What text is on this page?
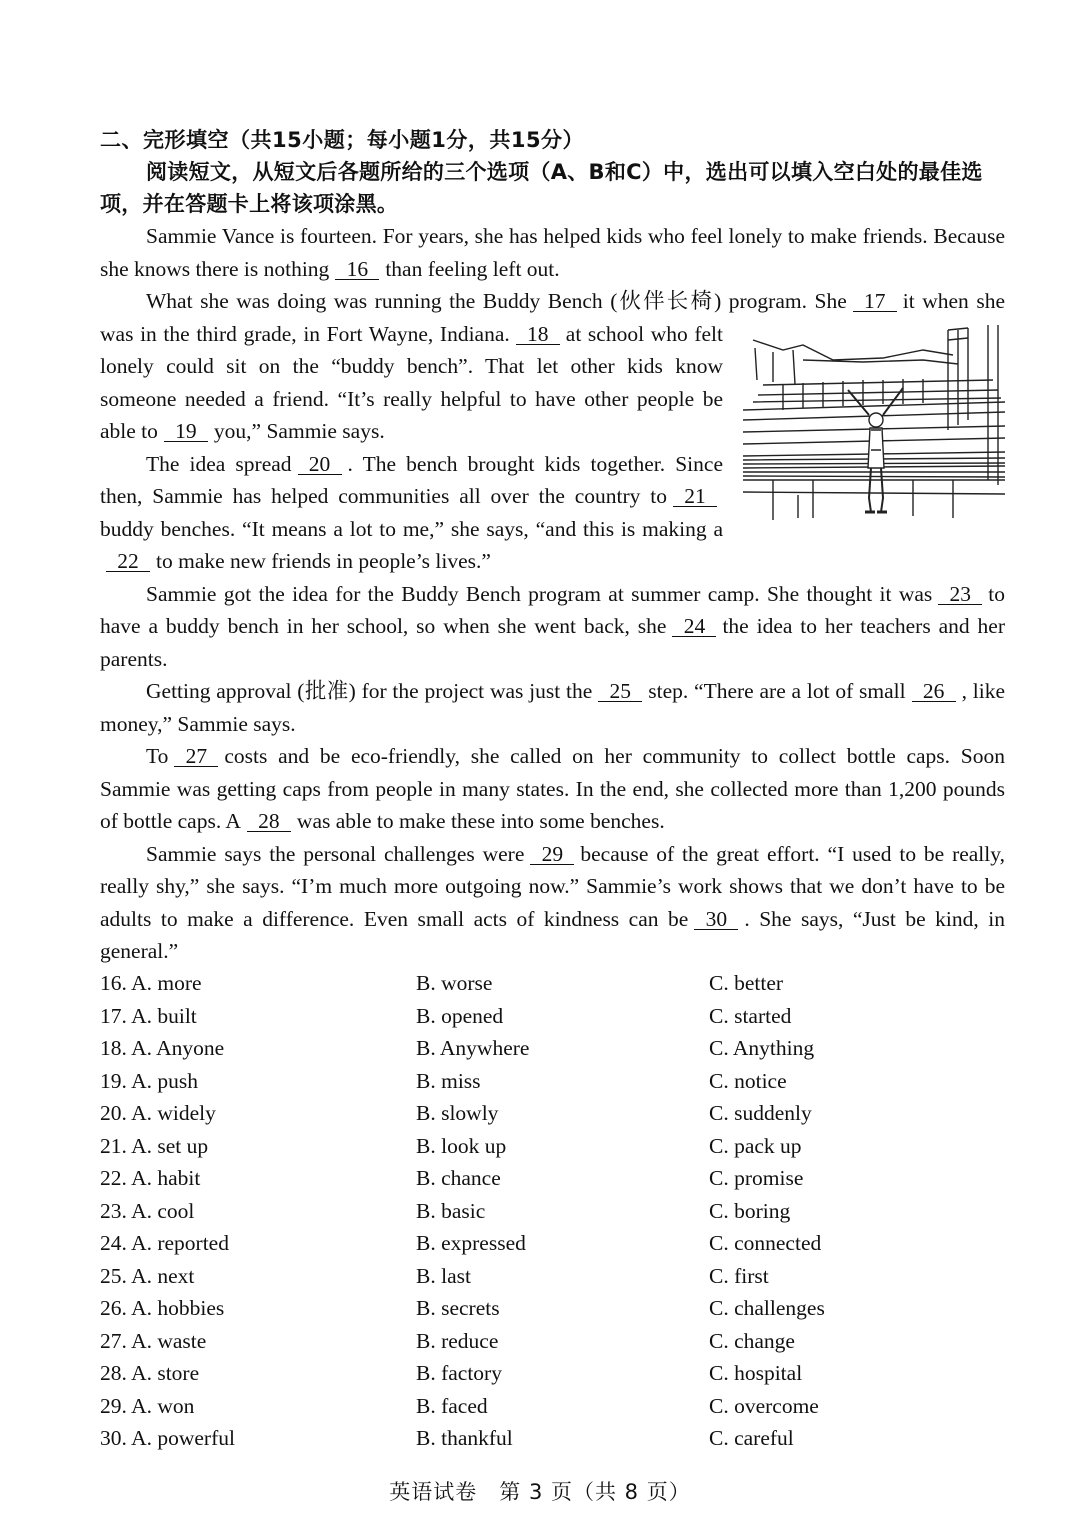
二、完形填空（共15小题；每小题1分，共15分）
阅读短文，从短文后各题所给的三个选项（A、B和C）中，选出可以填入空白处的最佳选项，并在答题卡上将该项涂黑。

Sammie Vance is fourteen. For years, she has helped kids who feel lonely to make friends. Because she knows there is nothing 16 than feeling left out.

What she was doing was running the Buddy Bench (伙伴长椅) program. She 17 it when she was in the third grade, in Fort Wayne, Indiana. 18 at school who felt lonely could sit on the “buddy bench”. That let other kids know someone needed a friend. “It’s really helpful to have other people be able to 19 you,” Sammie says.

The idea spread 20 . The bench brought kids together. Since then, Sammie has helped communities all over the country to 21buddy benches. “It means a lot to me,” she says, “and this is making a22 to make new friends in people’s lives.”

Sammie got the idea for the Buddy Bench program at summer camp. She thought it was 23 to have a buddy bench in her school, so when she went back, she 24 the idea to her teachers and her parents.

Getting approval (批准) for the project was just the 25 step. “There are a lot of small 26 , like money,” Sammie says.

To 27 costs and be eco-friendly, she called on her community to collect bottle caps. Soon Sammie was getting caps from people in many states. In the end, she collected more than 1,200 pounds of bottle caps. A 28 was able to make these into some benches.

Sammie says the personal challenges were 29 because of the great effort. “I used to be really, really shy,” she says. “I’m much more outgoing now.” Sammie’s work shows that we don’t have to be adults to make a difference. Even small acts of kindness can be 30 . She says, “Just be kind, in general.”

16. A. more	B. worse	C. better
17. A. built	B. opened	C. started
18. A. Anyone	B. Anywhere	C. Anything
19. A. push	B. miss	C. notice
20. A. widely	B. slowly	C. suddenly
21. A. set up	B. look up	C. pack up
22. A. habit	B. chance	C. promise
23. A. cool	B. basic	C. boring
24. A. reported	B. expressed	C. connected
25. A. next	B. last	C. first
26. A. hobbies	B. secrets	C. challenges
27. A. waste	B. reduce	C. change
28. A. store	B. factory	C. hospital
29. A. won	B. faced	C. overcome
30. A. powerful	B. thankful	C. careful
英语试卷　第 3 页（共 8 页）
